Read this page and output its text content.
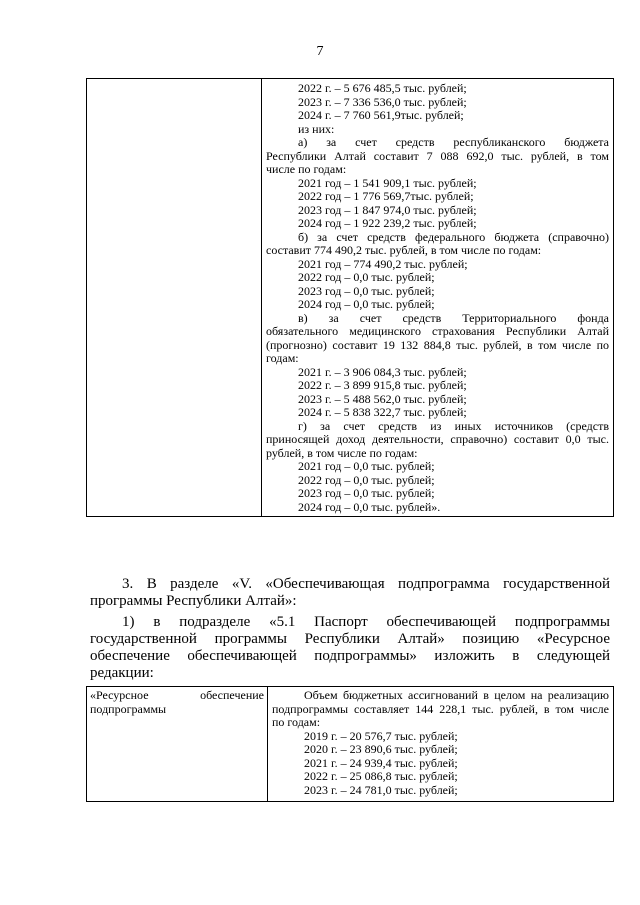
7

2022 г. – 5 676 485,5 тыс. рублей;
2023 г. – 7 336 536,0 тыс. рублей;
2024 г. – 7 760 561,9тыс. рублей;
из них:
а) за счет средств республиканского бюджета
Республики Алтай составит 7 088 692,0 тыс. рублей, в том
числе по годам:
2021 год – 1 541 909,1 тыс. рублей;
2022 год – 1 776 569,7тыс. рублей;
2023 год – 1 847 974,0 тыс. рублей;
2024 год – 1 922 239,2 тыс. рублей;
б) за счет средств федерального бюджета (справочно)
составит 774 490,2 тыс. рублей, в том числе по годам:
2021 год – 774 490,2 тыс. рублей;
2022 год – 0,0 тыс. рублей;
2023 год – 0,0 тыс. рублей;
2024 год – 0,0 тыс. рублей;
в) за счет средств Территориального фонда
обязательного медицинского страхования Республики Алтай
(прогнозно) составит 19 132 884,8 тыс. рублей, в том числе по
годам:
2021 г. – 3 906 084,3 тыс. рублей;
2022 г. – 3 899 915,8 тыс. рублей;
2023 г. – 5 488 562,0 тыс. рублей;
2024 г. – 5 838 322,7 тыс. рублей;
г) за счет средств из иных источников (средств
приносящей доход деятельности, справочно) составит 0,0 тыс.
рублей, в том числе по годам:
2021 год – 0,0 тыс. рублей;
2022 год – 0,0 тыс. рублей;
2023 год – 0,0 тыс. рублей;
2024 год – 0,0 тыс. рублей».
3. В разделе «V. «Обеспечивающая подпрограмма государственной
программы Республики Алтай»:
1) в подразделе «5.1 Паспорт обеспечивающей подпрограммы
государственной программы Республики Алтай» позицию «Ресурсное
обеспечение обеспечивающей подпрограммы» изложить в следующей
редакции:
«Ресурсное обеспечение
подпрограммы

Объем бюджетных ассигнований в целом на реализацию
подпрограммы составляет 144 228,1 тыс. рублей, в том числе
по годам:
2019 г. – 20 576,7 тыс. рублей;
2020 г. – 23 890,6 тыс. рублей;
2021 г. – 24 939,4 тыс. рублей;
2022 г. – 25 086,8 тыс. рублей;
2023 г. – 24 781,0 тыс. рублей;
